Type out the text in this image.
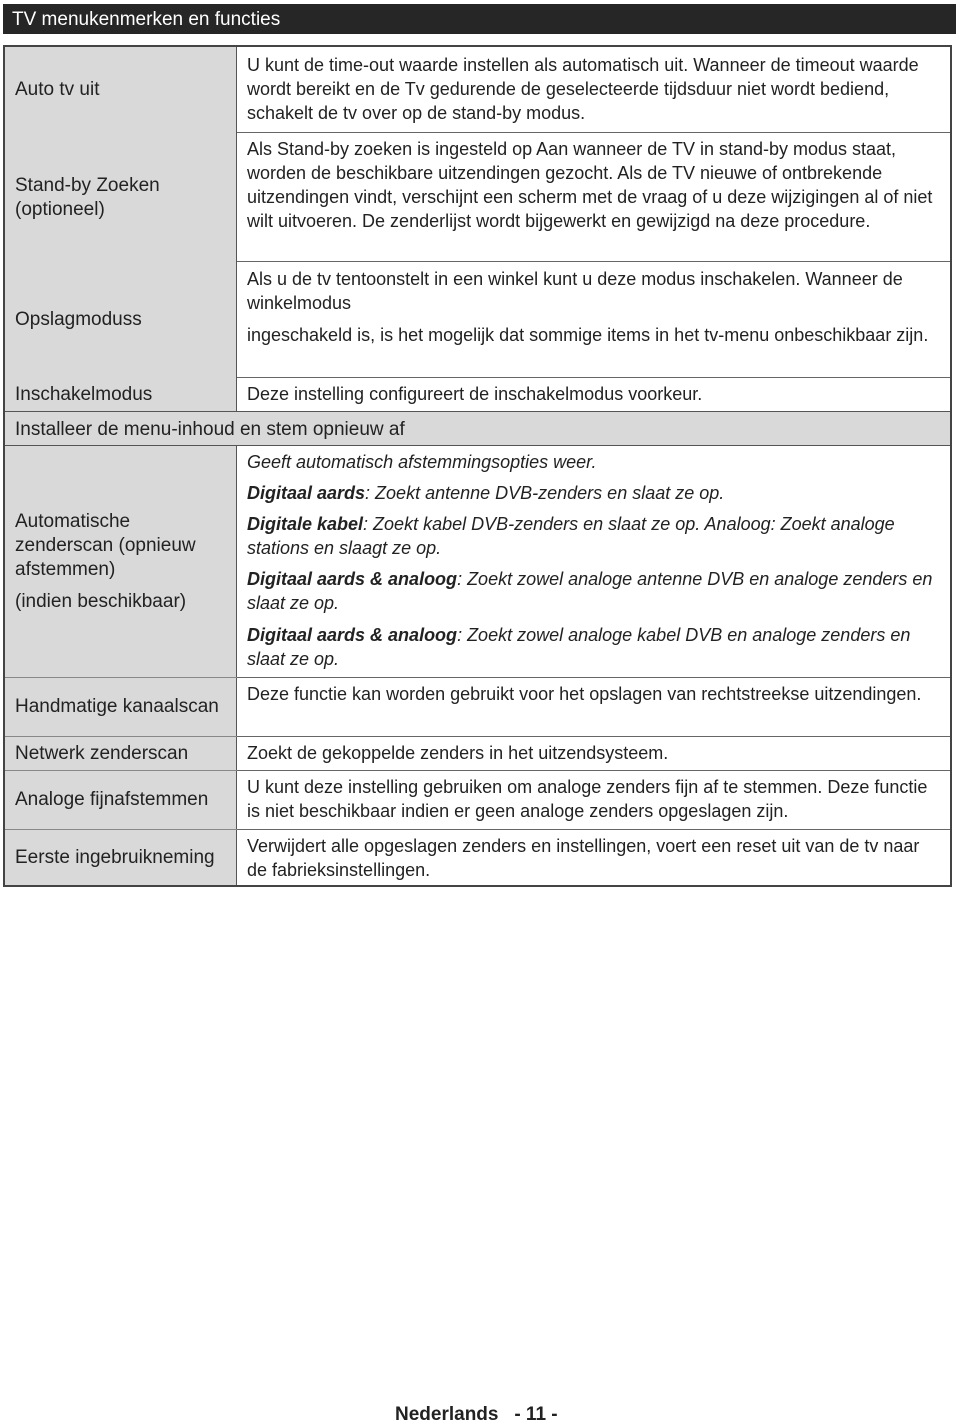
TV menukenmerken en functies
Auto tv uit
U kunt de time-out waarde instellen als automatisch uit. Wanneer de timeout waarde wordt bereikt en de Tv gedurende de geselecteerde tijdsduur niet wordt bediend, schakelt de tv over op de stand-by modus.
Stand-by Zoeken (optioneel)
Als Stand-by zoeken is ingesteld op Aan wanneer de TV in stand-by modus staat, worden de beschikbare uitzendingen gezocht. Als de TV nieuwe of ontbrekende uitzendingen vindt, verschijnt een scherm met de vraag of u deze wijzigingen al of niet wilt uitvoeren. De zenderlijst wordt bijgewerkt en gewijzigd na deze procedure.
Opslagmoduss
Als u de tv tentoonstelt in een winkel kunt u deze modus inschakelen. Wanneer de winkelmodus
ingeschakeld is, is het mogelijk dat sommige items in het tv-menu onbeschikbaar zijn.
Inschakelmodus	Deze instelling configureert de inschakelmodus voorkeur.
Installeer de menu-inhoud en stem opnieuw af
Automatische zenderscan (opnieuw afstemmen)
(indien beschikbaar)
Geeft automatisch afstemmingsopties weer.
Digitaal aards: Zoekt antenne DVB-zenders en slaat ze op.
Digitale kabel: Zoekt kabel DVB-zenders en slaat ze op. Analoog: Zoekt analoge stations en slaagt ze op.
Digitaal aards & analoog: Zoekt zowel analoge antenne DVB en analoge zenders en slaat ze op.
Digitaal aards & analoog: Zoekt zowel analoge kabel DVB en analoge zenders en slaat ze op.
Handmatige kanaalscan
Deze functie kan worden gebruikt voor het opslagen van rechtstreekse uitzendingen.
Netwerk zenderscan	Zoekt de gekoppelde zenders in het uitzendsysteem.
Analoge fijnafstemmen
U kunt deze instelling gebruiken om analoge zenders fijn af te stemmen. Deze functie is niet beschikbaar indien er geen analoge zenders opgeslagen zijn.
Eerste ingebruikneming
Verwijdert alle opgeslagen zenders en instellingen, voert een reset uit van de tv naar de fabrieksinstellingen.
Nederlands - 11 -
